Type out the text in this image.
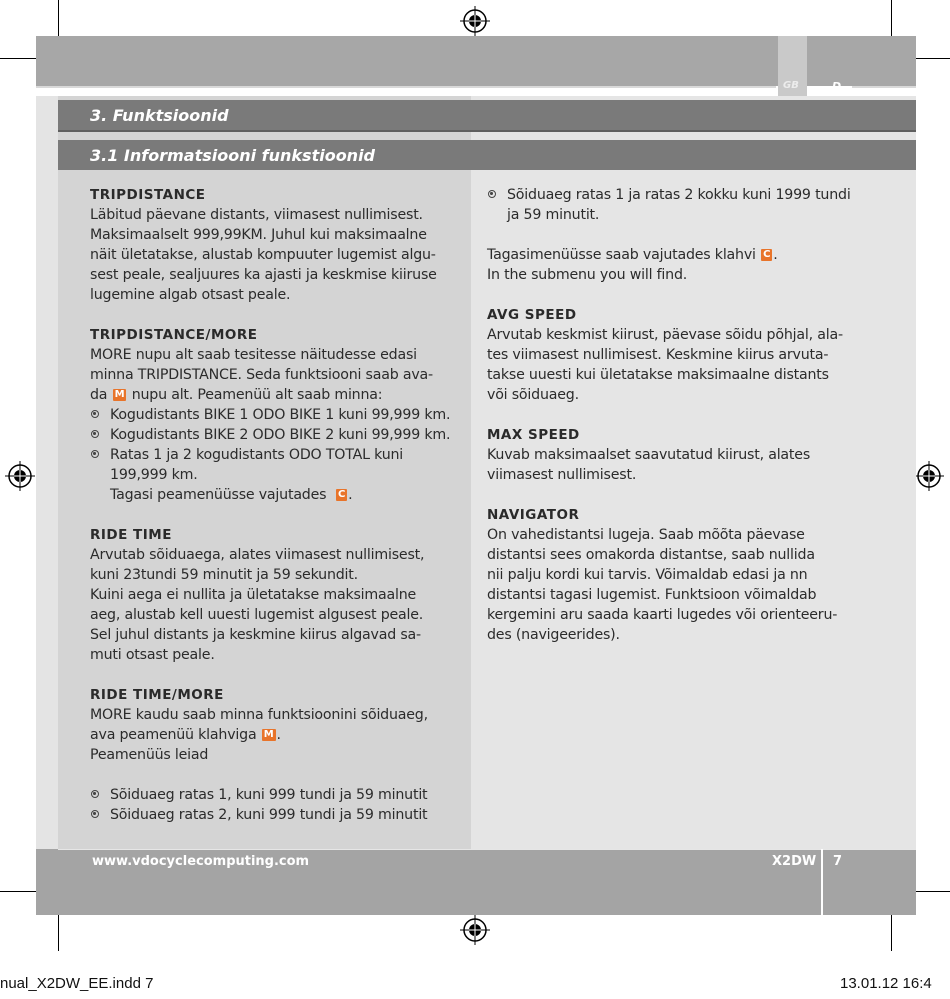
GB	D
3. Funktsioonid
3.1 Informatsiooni funkstioonid

TRIPDISTANCE

Läbitud päevane distants, viimasest nullimisest.

Maksimaalselt 999,99KM. Juhul kui maksimaalne

näit ületatakse, alustab kompuuter lugemist algu-

sest peale, sealjuures ka ajasti ja keskmise kiiruse

lugemine algab otsast peale.

TRIPDISTANCE/MORE

MORE nupu alt saab tesitesse näitudesse edasi

minna TRIPDISTANCE. Seda funktsiooni saab ava-

da M nupu alt. Peamenüü alt saab minna:

Kogudistants BIKE 1 ODO BIKE 1 kuni 99,999 km.

Kogudistants BIKE 2 ODO BIKE 2 kuni 99,999 km.

Ratas 1 ja 2 kogudistants ODO TOTAL kuni

199,999 km.

Tagasi peamenüüsse vajutades C .

RIDE TIME

Arvutab sõiduaega, alates viimasest nullimisest,

kuni 23tundi 59 minutit ja 59 sekundit.

Kuini aega ei nullita ja ületatakse maksimaalne

aeg, alustab kell uuesti lugemist algusest peale.

Sel juhul distants ja keskmine kiirus algavad sa-

muti otsast peale.

RIDE TIME/MORE

MORE kaudu saab minna funktsioonini sõiduaeg,

ava peamenüü klahviga M .

Peamenüüs leiad

Sõiduaeg ratas 1, kuni 999 tundi ja 59 minutit

Sõiduaeg ratas 2, kuni 999 tundi ja 59 minutit

Sõiduaeg ratas 1 ja ratas 2 kokku kuni 1999 tundi

ja 59 minutit.

Tagasimenüüsse saab vajutades klahvi C .

In the submenu you will find.

AVG SPEED

Arvutab keskmist kiirust, päevase sõidu põhjal, ala-

tes viimasest nullimisest. Keskmine kiirus arvuta-

takse uuesti kui ületatakse maksimaalne distants

või sõiduaeg.

MAX SPEED

Kuvab maksimaalset saavutatud kiirust, alates

viimasest nullimisest.

NAVIGATOR

On vahedistantsi lugeja. Saab mõõta päevase

distantsi sees omakorda distantse, saab nullida

nii palju kordi kui tarvis. Võimaldab edasi ja nn

distantsi tagasi lugemist. Funktsioon võimaldab

kergemini aru saada kaarti lugedes või orienteeru-

des (navigeerides).

www.vdocyclecomputing.com	X2DW 7
nual_X2DW_EE.indd 7	13.01.12 16:4
